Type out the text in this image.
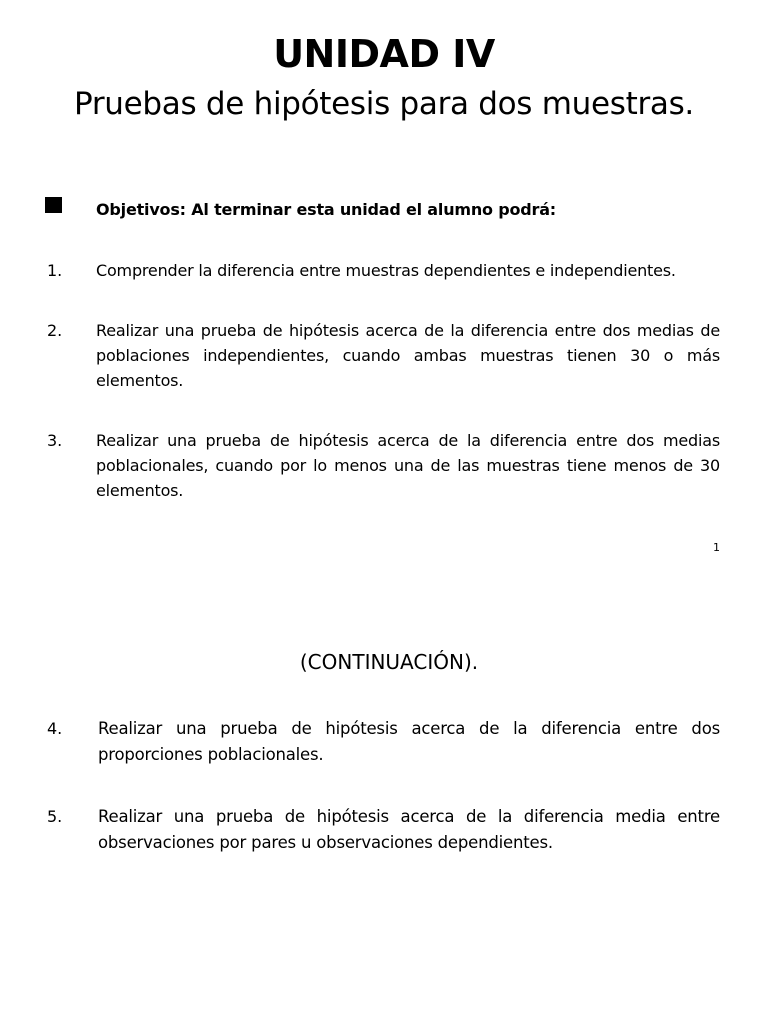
UNIDAD IV
Pruebas de hipótesis para dos muestras.
Objetivos: Al terminar esta unidad el alumno podrá:
1. Comprender la diferencia entre muestras dependientes e independientes.
2. Realizar una prueba de hipótesis acerca de la diferencia entre dos medias de poblaciones independientes, cuando ambas muestras tienen 30 o más elementos.
3. Realizar una prueba de hipótesis acerca de la diferencia entre dos medias poblacionales, cuando por lo menos una de las muestras tiene menos de 30 elementos.
1
(CONTINUACIÓN).
4. Realizar una prueba de hipótesis acerca de la diferencia entre dos proporciones poblacionales.
5. Realizar una prueba de hipótesis acerca de la diferencia media entre observaciones por pares u observaciones dependientes.
